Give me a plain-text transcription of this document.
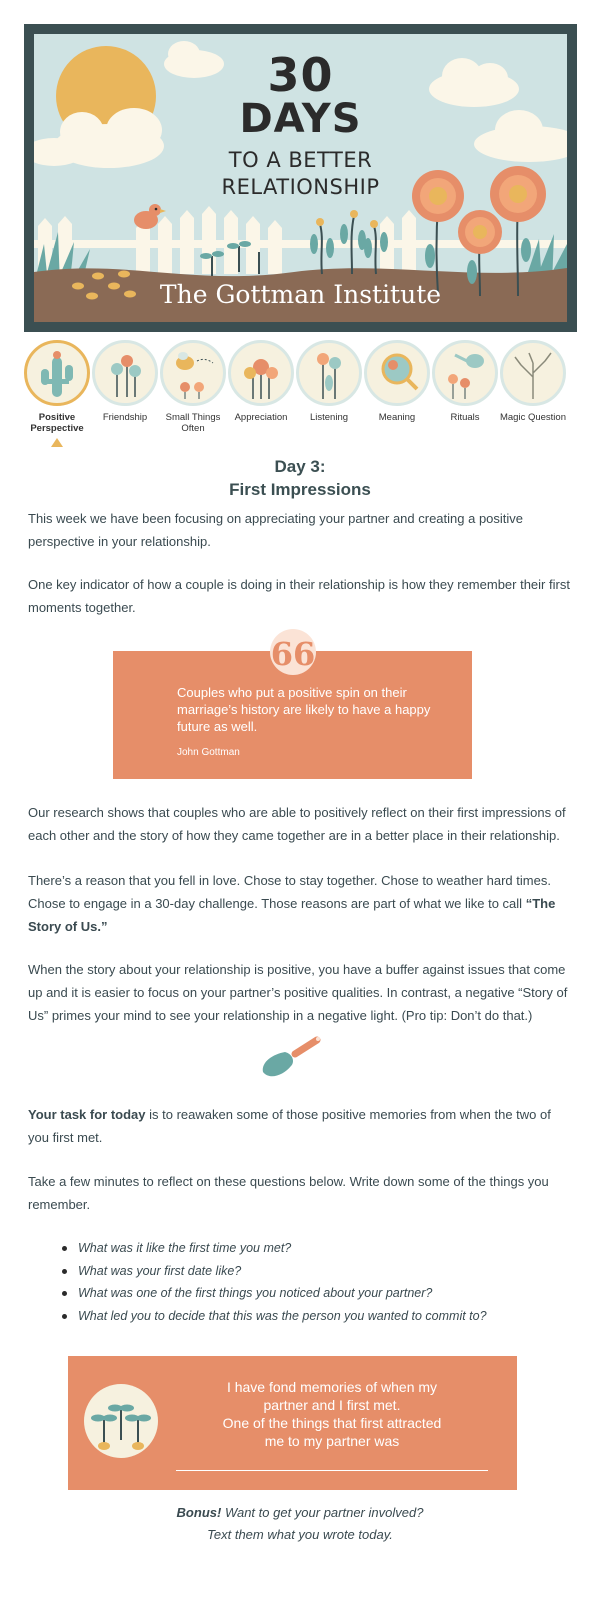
30
DAYS
TO A BETTER
RELATIONSHIP
The Gottman Institute
Positive Perspective
Friendship	Small Things Often
Appreciation	Listening	Meaning	Rituals	Magic Question
Day 3:
First Impressions

This week we have been focusing on appreciating your partner and creating a positive perspective in your relationship.

One key indicator of how a couple is doing in their relationship is how they remember their first moments together.

Couples who put a positive spin on their marriage’s history are likely to have a happy future as well.
John Gottman
66

Our research shows that couples who are able to positively reflect on their first impressions of each other and the story of how they came together are in a better place in their relationship.

There’s a reason that you fell in love. Chose to stay together. Chose to weather hard times. Chose to engage in a 30-day challenge. Those reasons are part of what we like to call “The Story of Us.”

When the story about your relationship is positive, you have a buffer against issues that come up and it is easier to focus on your partner’s positive qualities. In contrast, a negative “Story of Us” primes your mind to see your relationship in a negative light. (Pro tip: Don’t do that.)

Your task for today is to reawaken some of those positive memories from when the two of you first met.

Take a few minutes to reflect on these questions below. Write down some of the things you remember.

What was it like the first time you met?
What was your first date like?
What was one of the first things you noticed about your partner?
What led you to decide that this was the person you wanted to commit to?
I have fond memories of when my
partner and I first met.
One of the things that first attracted
me to my partner was
Bonus! Want to get your partner involved?
Text them what you wrote today.
